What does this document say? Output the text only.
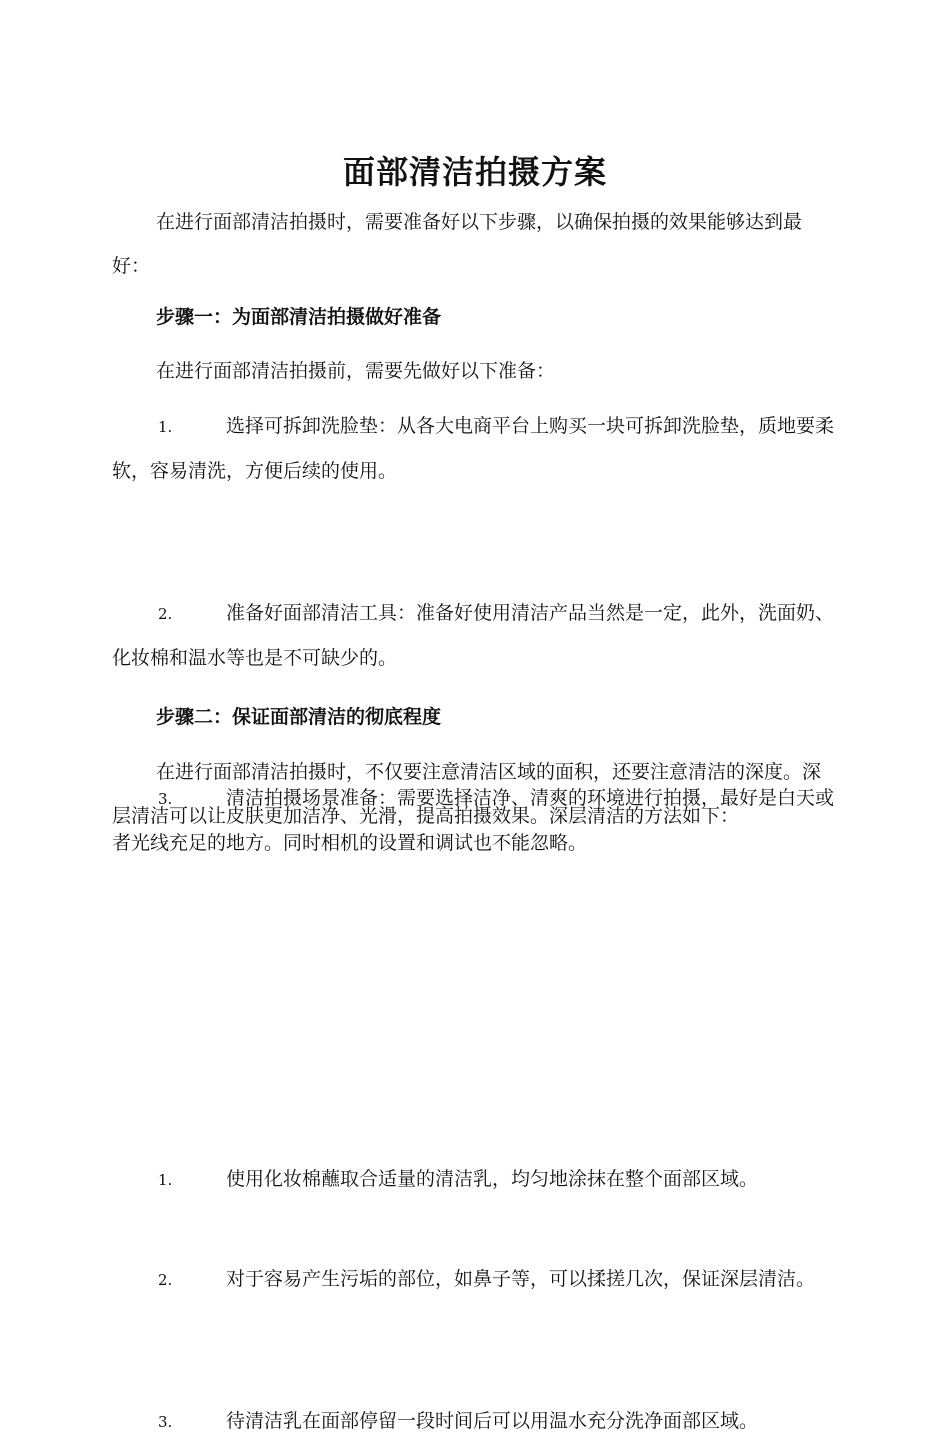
面部清洁拍摄方案

在进行面部清洁拍摄时，需要准备好以下步骤，以确保拍摄的效果能够达到最好：

步骤一：为面部清洁拍摄做好准备

在进行面部清洁拍摄前，需要先做好以下准备：

1.	选择可拆卸洗脸垫：从各大电商平台上购买一块可拆卸洗脸垫，质地要柔软，容易清洗，方便后续的使用。
2.	准备好面部清洁工具：准备好使用清洁产品当然是一定，此外，洗面奶、化妆棉和温水等也是不可缺少的。
3.	清洁拍摄场景准备：需要选择洁净、清爽的环境进行拍摄，最好是白天或者光线充足的地方。同时相机的设置和调试也不能忽略。
步骤二：保证面部清洁的彻底程度

在进行面部清洁拍摄时，不仅要注意清洁区域的面积，还要注意清洁的深度。深层清洁可以让皮肤更加洁净、光滑，提高拍摄效果。深层清洁的方法如下：

1.	使用化妆棉蘸取合适量的清洁乳，均匀地涂抹在整个面部区域。
2.	对于容易产生污垢的部位，如鼻子等，可以揉搓几次，保证深层清洁。
3.	待清洁乳在面部停留一段时间后可以用温水充分洗净面部区域。
